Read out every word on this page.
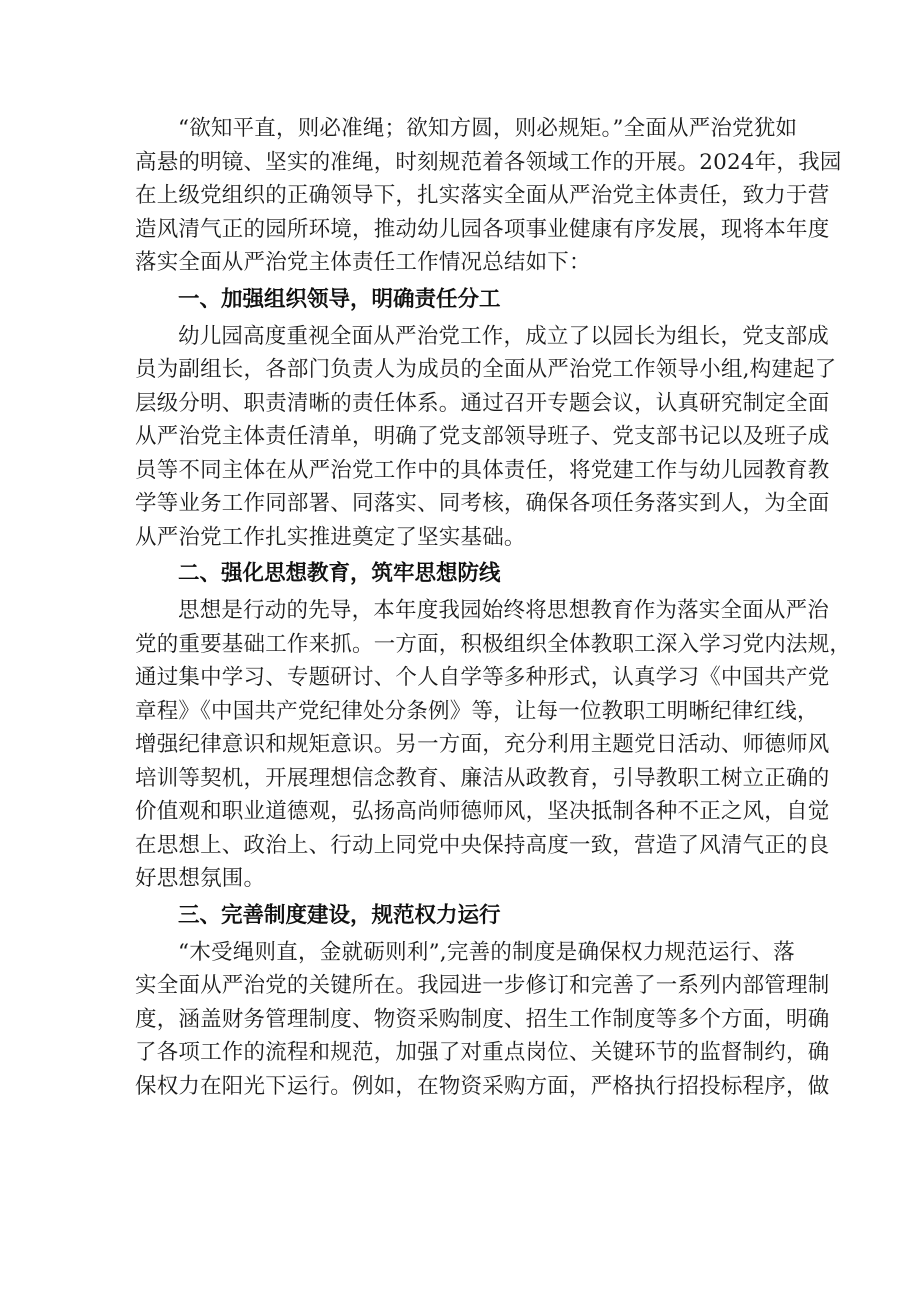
“欲知平直，则必准绳；欲知方圆，则必规矩。”全面从严治党犹如
高悬的明镜、坚实的准绳，时刻规范着各领域工作的开展。2024年，我园
在上级党组织的正确领导下，扎实落实全面从严治党主体责任，致力于营
造风清气正的园所环境，推动幼儿园各项事业健康有序发展，现将本年度
落实全面从严治党主体责任工作情况总结如下：
一、加强组织领导，明确责任分工
幼儿园高度重视全面从严治党工作，成立了以园长为组长，党支部成
员为副组长，各部门负责人为成员的全面从严治党工作领导小组,构建起了
层级分明、职责清晰的责任体系。通过召开专题会议，认真研究制定全面
从严治党主体责任清单，明确了党支部领导班子、党支部书记以及班子成
员等不同主体在从严治党工作中的具体责任，将党建工作与幼儿园教育教
学等业务工作同部署、同落实、同考核，确保各项任务落实到人，为全面
从严治党工作扎实推进奠定了坚实基础。
二、强化思想教育，筑牢思想防线
思想是行动的先导，本年度我园始终将思想教育作为落实全面从严治
党的重要基础工作来抓。一方面，积极组织全体教职工深入学习党内法规，
通过集中学习、专题研讨、个人自学等多种形式，认真学习《中国共产党
章程》《中国共产党纪律处分条例》等，让每一位教职工明晰纪律红线，
增强纪律意识和规矩意识。另一方面，充分利用主题党日活动、师德师风
培训等契机，开展理想信念教育、廉洁从政教育，引导教职工树立正确的
价值观和职业道德观，弘扬高尚师德师风，坚决抵制各种不正之风，自觉
在思想上、政治上、行动上同党中央保持高度一致，营造了风清气正的良
好思想氛围。
三、完善制度建设，规范权力运行
“木受绳则直，金就砺则利”,完善的制度是确保权力规范运行、落
实全面从严治党的关键所在。我园进一步修订和完善了一系列内部管理制
度，涵盖财务管理制度、物资采购制度、招生工作制度等多个方面，明确
了各项工作的流程和规范，加强了对重点岗位、关键环节的监督制约，确
保权力在阳光下运行。例如，在物资采购方面，严格执行招投标程序，做
